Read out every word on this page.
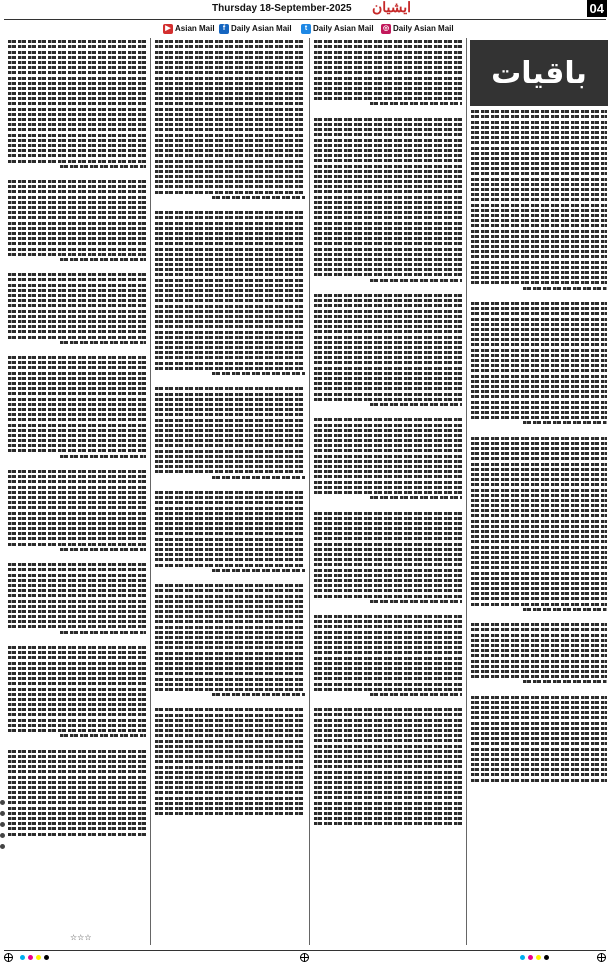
Thursday 18-September-2025
▶ Asian Mail	f Daily Asian Mail	t Daily Asian Mail ◎ Daily Asian Mail
ایشیان	04
باقیات
☆☆☆
